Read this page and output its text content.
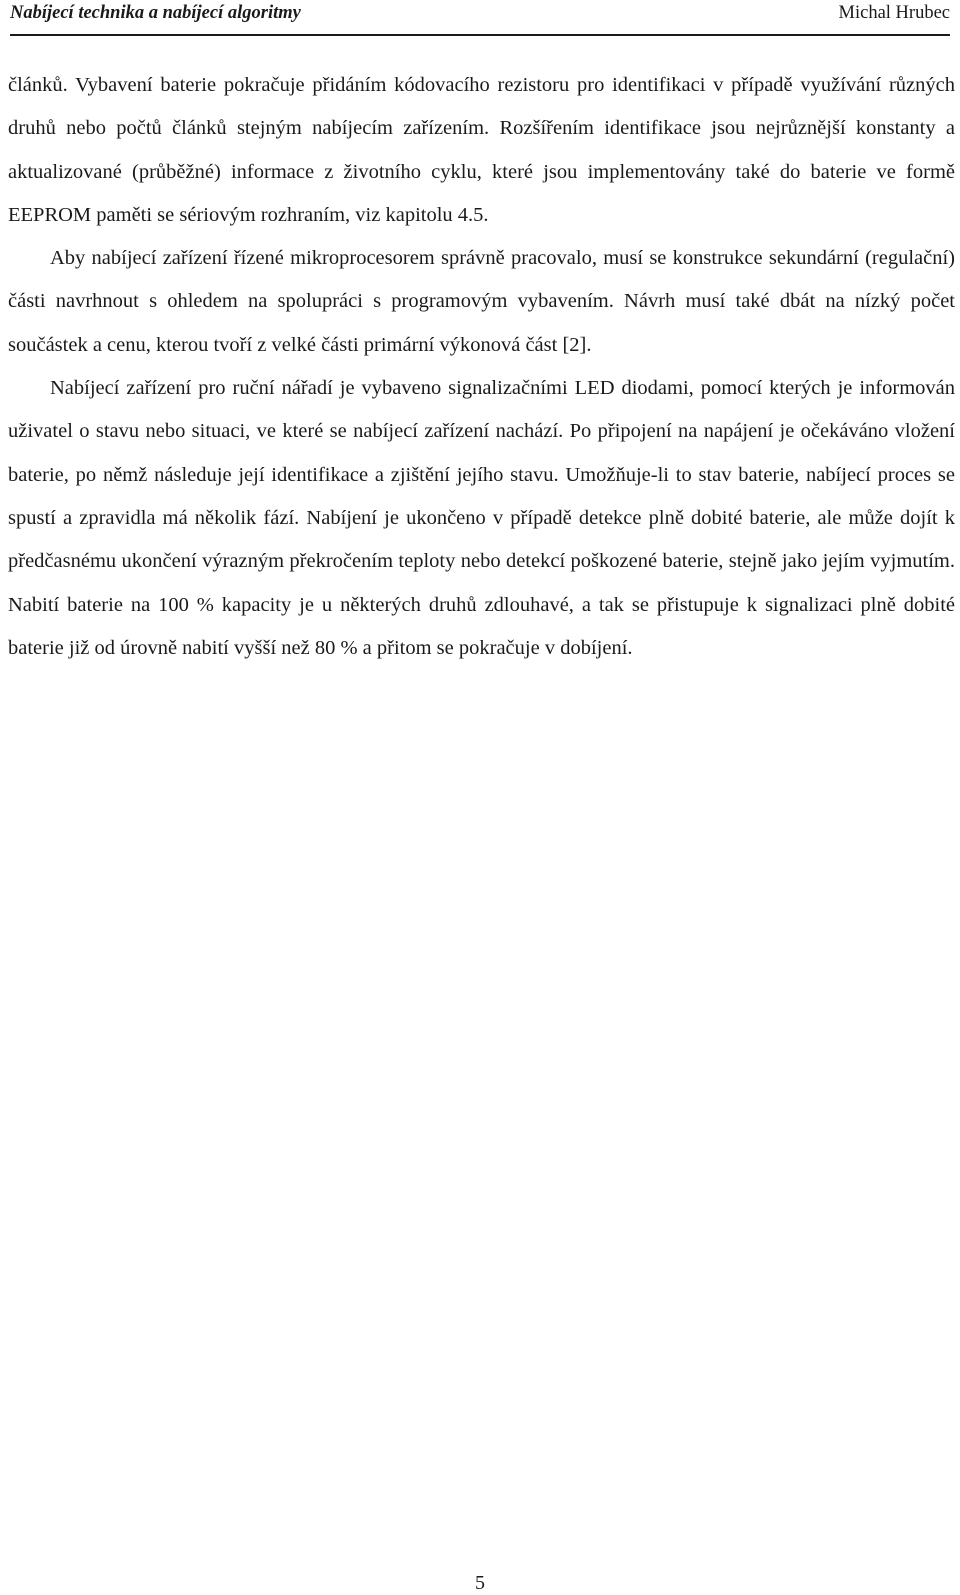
Nabíjecí technika a nabíjecí algoritmy	Michal Hrubec

článků. Vybavení baterie pokračuje přidáním kódovacího rezistoru pro identifikaci v případě využívání různých druhů nebo počtů článků stejným nabíjecím zařízením. Rozšířením identifikace jsou nejrůznější konstanty a aktualizované (průběžné) informace z životního cyklu, které jsou implementovány také do baterie ve formě EEPROM paměti se sériovým rozhraním, viz kapitolu 4.5.

Aby nabíjecí zařízení řízené mikroprocesorem správně pracovalo, musí se konstrukce sekundární (regulační) části navrhnout s ohledem na spolupráci s programovým vybavením. Návrh musí také dbát na nízký počet součástek a cenu, kterou tvoří z velké části primární výkonová část [2].

Nabíjecí zařízení pro ruční nářadí je vybaveno signalizačními LED diodami, pomocí kterých je informován uživatel o stavu nebo situaci, ve které se nabíjecí zařízení nachází. Po připojení na napájení je očekáváno vložení baterie, po němž následuje její identifikace a zjištění jejího stavu. Umožňuje-li to stav baterie, nabíjecí proces se spustí a zpravidla má několik fází. Nabíjení je ukončeno v případě detekce plně dobité baterie, ale může dojít k předčasnému ukončení výrazným překročením teploty nebo detekcí poškozené baterie, stejně jako jejím vyjmutím. Nabití baterie na 100 % kapacity je u některých druhů zdlouhavé, a tak se přistupuje k signalizaci plně dobité baterie již od úrovně nabití vyšší než 80 % a přitom se pokračuje v dobíjení.

5
